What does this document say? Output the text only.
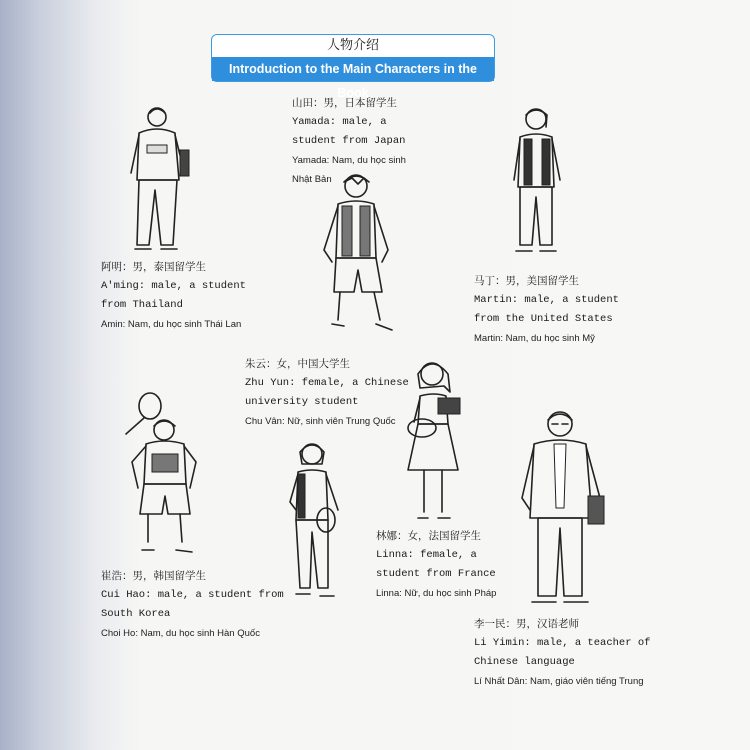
人物介绍
Introduction to the Main Characters in the Book
阿明：男，泰国留学生
A'ming: male, a student
from Thailand
Amin: Nam, du học sinh Thái Lan
山田：男，日本留学生
Yamada: male, a
student from Japan
Yamada: Nam, du học sinh
Nhật Bản
马丁：男，美国留学生
Martin: male, a student
from the United States
Martin: Nam, du học sinh Mỹ
朱云：女，中国大学生
Zhu Yun: female, a Chinese
university student
Chu Vân: Nữ, sinh viên Trung Quốc
林娜：女，法国留学生
Linna: female, a
student from France
Linna: Nữ, du học sinh Pháp
崔浩：男，韩国留学生
Cui Hao: male, a student from
South Korea
Choi Ho: Nam, du học sinh Hàn Quốc
李一民：男，汉语老师
Li Yimin: male, a teacher of
Chinese language
Lí Nhất Dân: Nam, giáo viên tiếng Trung
